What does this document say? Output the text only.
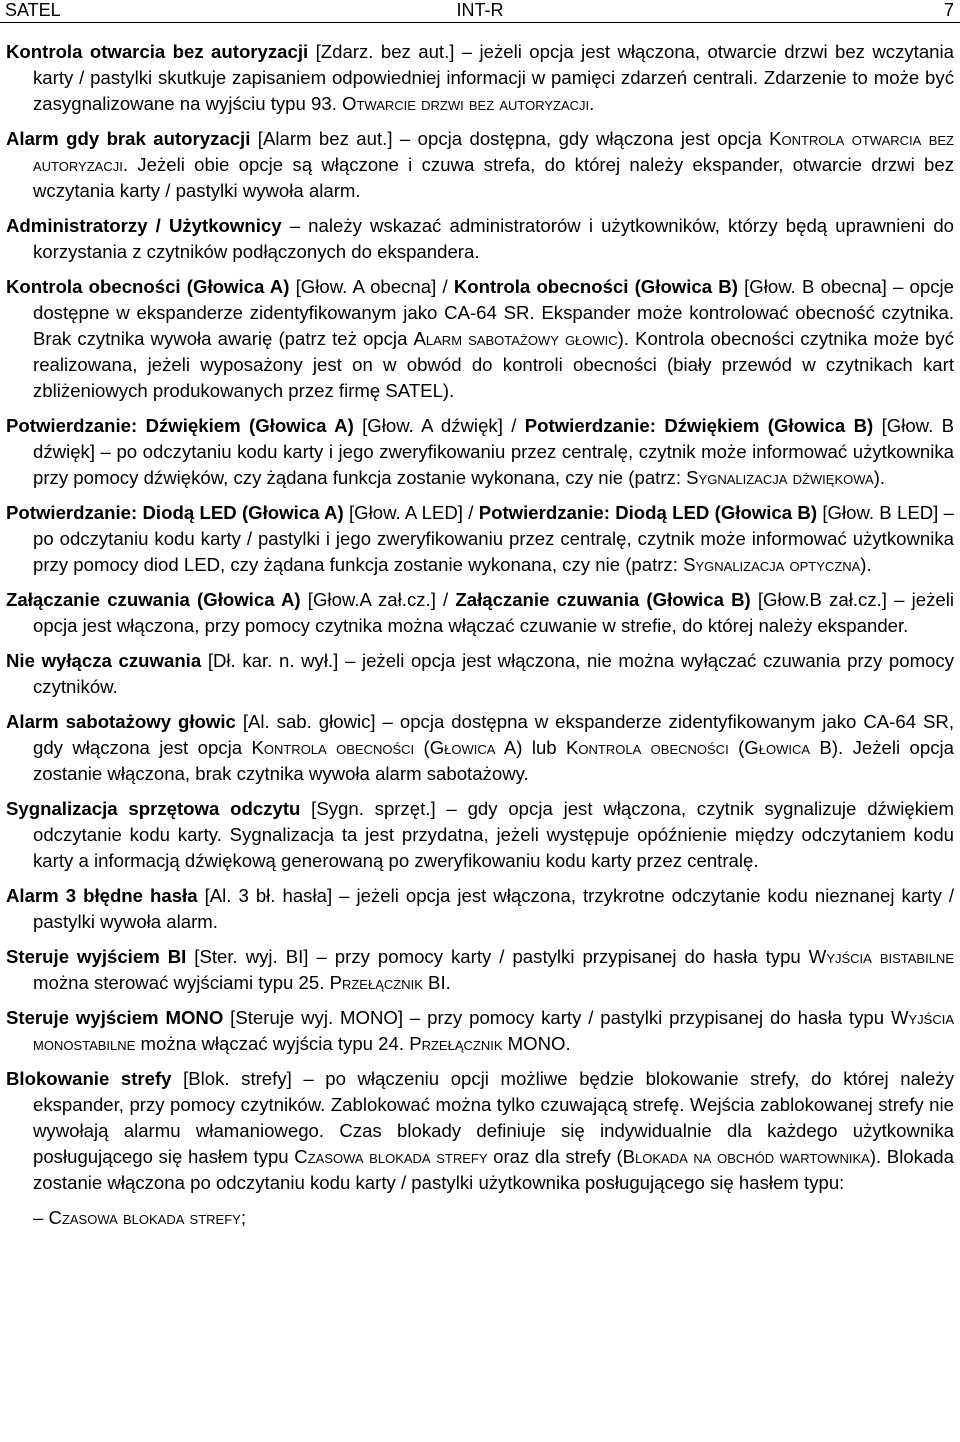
SATEL	INT-R	7
Kontrola otwarcia bez autoryzacji [Zdarz. bez aut.] – jeżeli opcja jest włączona, otwarcie drzwi bez wczytania karty / pastylki skutkuje zapisaniem odpowiedniej informacji w pamięci zdarzeń centrali. Zdarzenie to może być zasygnalizowane na wyjściu typu 93. Otwarcie drzwi bez autoryzacji.
Alarm gdy brak autoryzacji [Alarm bez aut.] – opcja dostępna, gdy włączona jest opcja Kontrola otwarcia bez autoryzacji. Jeżeli obie opcje są włączone i czuwa strefa, do której należy ekspander, otwarcie drzwi bez wczytania karty / pastylki wywoła alarm.
Administratorzy / Użytkownicy – należy wskazać administratorów i użytkowników, którzy będą uprawnieni do korzystania z czytników podłączonych do ekspandera.
Kontrola obecności (Głowica A) [Głow. A obecna] / Kontrola obecności (Głowica B) [Głow. B obecna] – opcje dostępne w ekspanderze zidentyfikowanym jako CA-64 SR. Ekspander może kontrolować obecność czytnika. Brak czytnika wywoła awarię (patrz też opcja Alarm sabotażowy głowic). Kontrola obecności czytnika może być realizowana, jeżeli wyposażony jest on w obwód do kontroli obecności (biały przewód w czytnikach kart zbliżeniowych produkowanych przez firmę SATEL).
Potwierdzanie: Dźwiękiem (Głowica A) [Głow. A dźwięk] / Potwierdzanie: Dźwiękiem (Głowica B) [Głow. B dźwięk] – po odczytaniu kodu karty i jego zweryfikowaniu przez centralę, czytnik może informować użytkownika przy pomocy dźwięków, czy żądana funkcja zostanie wykonana, czy nie (patrz: Sygnalizacja dźwiękowa).
Potwierdzanie: Diodą LED (Głowica A) [Głow. A LED] / Potwierdzanie: Diodą LED (Głowica B) [Głow. B LED] – po odczytaniu kodu karty / pastylki i jego zweryfikowaniu przez centralę, czytnik może informować użytkownika przy pomocy diod LED, czy żądana funkcja zostanie wykonana, czy nie (patrz: Sygnalizacja optyczna).
Załączanie czuwania (Głowica A) [Głow.A zał.cz.] / Załączanie czuwania (Głowica B) [Głow.B zał.cz.] – jeżeli opcja jest włączona, przy pomocy czytnika można włączać czuwanie w strefie, do której należy ekspander.
Nie wyłącza czuwania [Dł. kar. n. wył.] – jeżeli opcja jest włączona, nie można wyłączać czuwania przy pomocy czytników.
Alarm sabotażowy głowic [Al. sab. głowic] – opcja dostępna w ekspanderze zidentyfikowanym jako CA-64 SR, gdy włączona jest opcja Kontrola obecności (Głowica A) lub Kontrola obecności (Głowica B). Jeżeli opcja zostanie włączona, brak czytnika wywoła alarm sabotażowy.
Sygnalizacja sprzętowa odczytu [Sygn. sprzęt.] – gdy opcja jest włączona, czytnik sygnalizuje dźwiękiem odczytanie kodu karty. Sygnalizacja ta jest przydatna, jeżeli występuje opóźnienie między odczytaniem kodu karty a informacją dźwiękową generowaną po zweryfikowaniu kodu karty przez centralę.
Alarm 3 błędne hasła [Al. 3 bł. hasła] – jeżeli opcja jest włączona, trzykrotne odczytanie kodu nieznanej karty / pastylki wywoła alarm.
Steruje wyjściem BI [Ster. wyj. BI] – przy pomocy karty / pastylki przypisanej do hasła typu Wyjścia bistabilne można sterować wyjściami typu 25. Przełącznik BI.
Steruje wyjściem MONO [Steruje wyj. MONO] – przy pomocy karty / pastylki przypisanej do hasła typu Wyjścia monostabilne można włączać wyjścia typu 24. Przełącznik MONO.
Blokowanie strefy [Blok. strefy] – po włączeniu opcji możliwe będzie blokowanie strefy, do której należy ekspander, przy pomocy czytników. Zablokować można tylko czuwającą strefę. Wejścia zablokowanej strefy nie wywołają alarmu włamaniowego. Czas blokady definiuje się indywidualnie dla każdego użytkownika posługującego się hasłem typu Czasowa blokada strefy oraz dla strefy (Blokada na obchód wartownika). Blokada zostanie włączona po odczytaniu kodu karty / pastylki użytkownika posługującego się hasłem typu:
– Czasowa blokada strefy;
